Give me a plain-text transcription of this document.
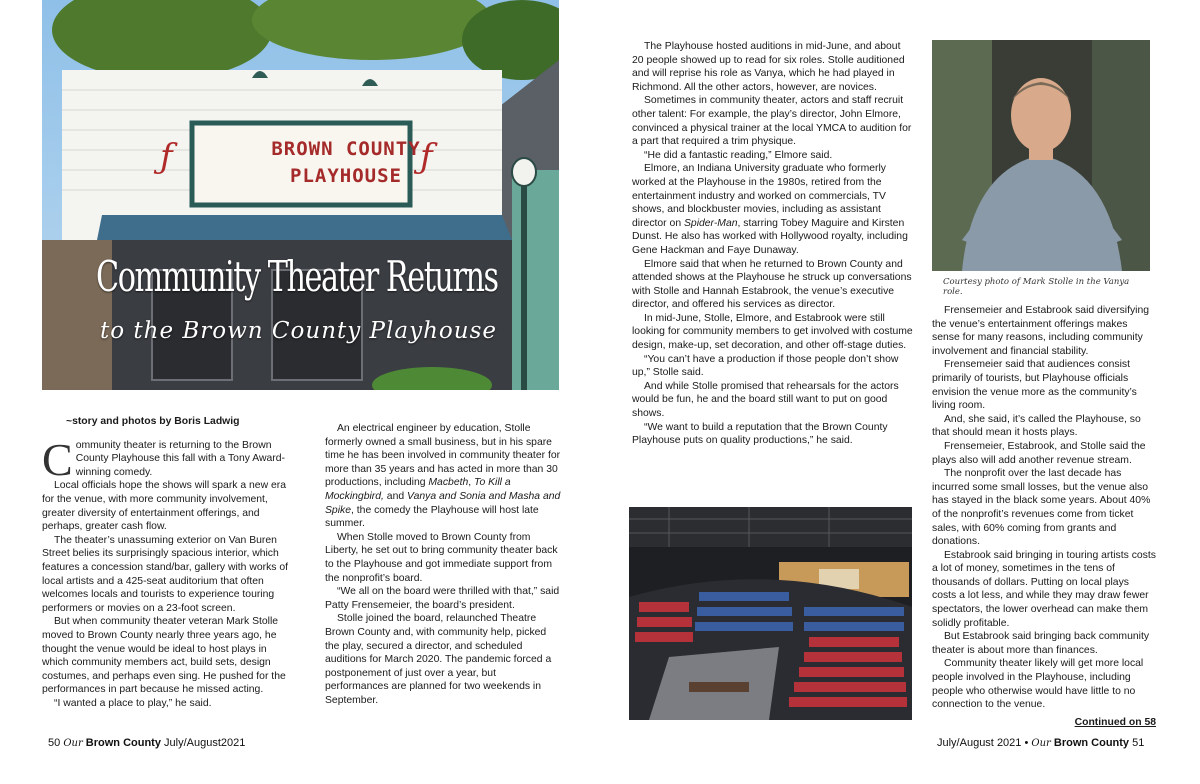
ƒ	ƒ
BROWN COUNTY
PLAYHOUSE
Community Theater Returns
to the Brown County Playhouse
~story and photos by Boris Ladwig

Community theater is returning to the Brown County Playhouse this fall with a Tony Award-winning comedy.

Local officials hope the shows will spark a new era for the venue, with more community involvement, greater diversity of entertainment offerings, and perhaps, greater cash flow.

The theater’s unassuming exterior on Van Buren Street belies its surprisingly spacious interior, which features a concession stand/bar, gallery with works of local artists and a 425-seat auditorium that often welcomes locals and tourists to experience touring performers or movies on a 23-foot screen.

But when community theater veteran Mark Stolle moved to Brown County nearly three years ago, he thought the venue would be ideal to host plays in which community members act, build sets, design costumes, and perhaps even sing. He pushed for the performances in part because he missed acting.

“I wanted a place to play,” he said.

An electrical engineer by education, Stolle formerly owned a small business, but in his spare time he has been involved in community theater for more than 35 years and has acted in more than 30 productions, including Macbeth, To Kill a Mockingbird, and Vanya and Sonia and Masha and Spike, the comedy the Playhouse will host late summer.

When Stolle moved to Brown County from Liberty, he set out to bring community theater back to the Playhouse and got immediate support from the nonprofit’s board.

“We all on the board were thrilled with that,” said Patty Frensemeier, the board’s president.

Stolle joined the board, relaunched Theatre Brown County and, with community help, picked the play, secured a director, and scheduled auditions for March 2020. The pandemic forced a postponement of just over a year, but performances are planned for two weekends in September.

The Playhouse hosted auditions in mid-June, and about 20 people showed up to read for six roles. Stolle auditioned and will reprise his role as Vanya, which he had played in Richmond. All the other actors, however, are novices.

Sometimes in community theater, actors and staff recruit other talent: For example, the play’s director, John Elmore, convinced a physical trainer at the local YMCA to audition for a part that required a trim physique.

“He did a fantastic reading,” Elmore said.

Elmore, an Indiana University graduate who formerly worked at the Playhouse in the 1980s, retired from the entertainment industry and worked on commercials, TV shows, and blockbuster movies, including as assistant director on Spider-Man, starring Tobey Maguire and Kirsten Dunst. He also has worked with Hollywood royalty, including Gene Hackman and Faye Dunaway.

Elmore said that when he returned to Brown County and attended shows at the Playhouse he struck up conversations with Stolle and Hannah Estabrook, the venue’s executive director, and offered his services as director.

In mid-June, Stolle, Elmore, and Estabrook were still looking for community members to get involved with costume design, make-up, set decoration, and other off-stage duties.

“You can’t have a production if those people don’t show up,” Stolle said.

And while Stolle promised that rehearsals for the actors would be fun, he and the board still want to put on good shows.

“We want to build a reputation that the Brown County Playhouse puts on quality productions,” he said.

Courtesy photo of Mark Stolle in the Vanya role.

Frensemeier and Estabrook said diversifying the venue’s entertainment offerings makes sense for many reasons, including community involvement and financial stability.

Frensemeier said that audiences consist primarily of tourists, but Playhouse officials envision the venue more as the community’s living room.

And, she said, it’s called the Playhouse, so that should mean it hosts plays.

Frensemeier, Estabrook, and Stolle said the plays also will add another revenue stream.

The nonprofit over the last decade has incurred some small losses, but the venue also has stayed in the black some years. About 40% of the nonprofit’s revenues come from ticket sales, with 60% coming from grants and donations.

Estabrook said bringing in touring artists costs a lot of money, sometimes in the tens of thousands of dollars. Putting on local plays costs a lot less, and while they may draw fewer spectators, the lower overhead can make them solidly profitable.

But Estabrook said bringing back community theater is about more than finances.

Community theater likely will get more local people involved in the Playhouse, including people who otherwise would have little to no connection to the venue.

Continued on 58
50 Our Brown County July/August2021	July/August 2021 • Our Brown County 51
